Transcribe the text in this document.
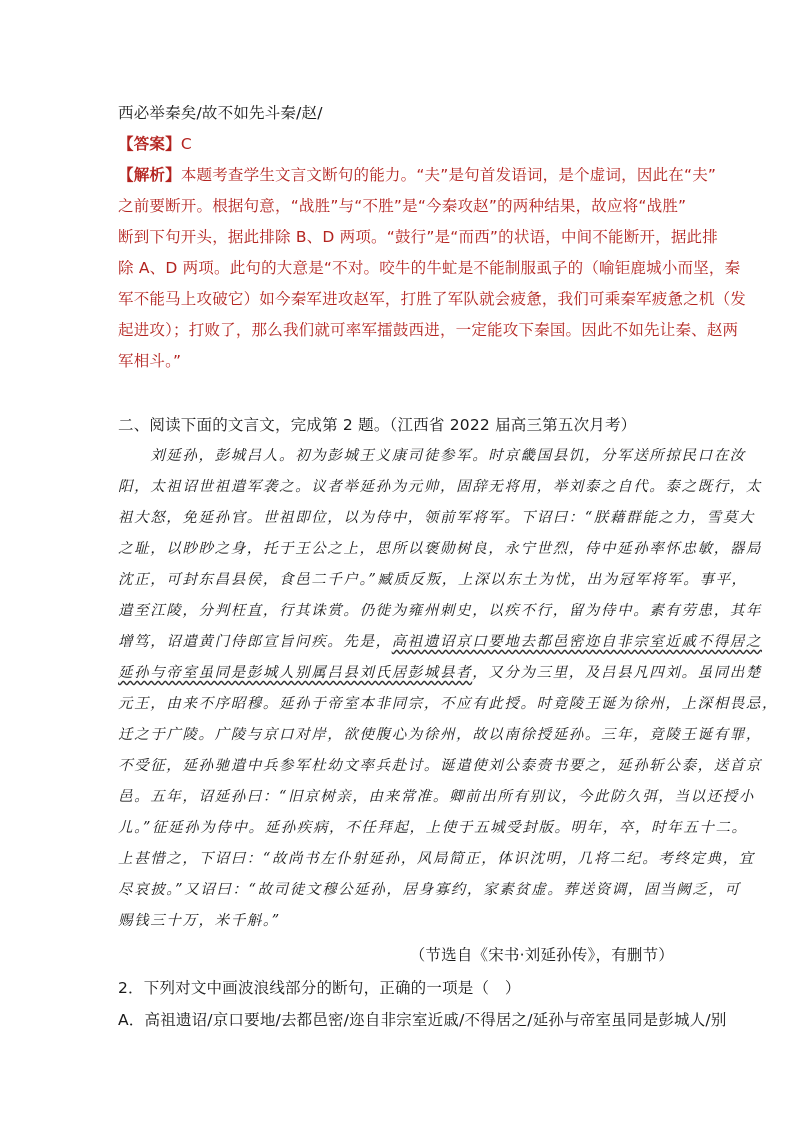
西必举秦矣/故不如先斗秦/赵/
【答案】C
【解析】本题考查学生文言文断句的能力。“夫”是句首发语词，是个虚词，因此在“夫”
之前要断开。根据句意，“战胜”与“不胜”是“今秦攻赵”的两种结果，故应将“战胜”
断到下句开头，据此排除 B、D 两项。“鼓行”是“而西”的状语，中间不能断开，据此排
除 A、D 两项。此句的大意是“不对。咬牛的牛虻是不能制服虱子的（喻钜鹿城小而坚，秦
军不能马上攻破它）如今秦军进攻赵军，打胜了军队就会疲惫，我们可乘秦军疲惫之机（发
起进攻）；打败了，那么我们就可率军擂鼓西进，一定能攻下秦国。因此不如先让秦、赵两
军相斗。”
二、阅读下面的文言文，完成第 2 题。（江西省 2022 届高三第五次月考）
　　刘延孙，彭城吕人。初为彭城王义康司徒参军。时京畿国县饥，分军送所掠民口在汝
阳，太祖诏世祖遣军袭之。议者举延孙为元帅，固辞无将用，举刘泰之自代。泰之既行，太
祖大怒，免延孙官。世祖即位，以为侍中，领前军将军。下诏曰：“朕藉群能之力，雪莫大
之耻，以眇眇之身，托于王公之上，思所以褒勋树良，永宁世烈，侍中延孙率怀忠敏，器局
沈正，可封东昌县侯，食邑二千户。”臧质反叛，上深以东土为忧，出为冠军将军。事平，
遣至江陵，分判枉直，行其诛赏。仍徙为雍州刺史，以疾不行，留为侍中。素有劳患，其年
增笃，诏遣黄门侍郎宣旨问疾。先是，高祖遗诏京口要地去都邑密迩自非宗室近戚不得居之
延孙与帝室虽同是彭城人别属吕县刘氏居彭城县者，又分为三里，及吕县凡四刘。虽同出楚
元王，由来不序昭穆。延孙于帝室本非同宗，不应有此授。时竟陵王诞为徐州，上深相畏忌，
迁之于广陵。广陵与京口对岸，欲使腹心为徐州，故以南徐授延孙。三年，竟陵王诞有罪，
不受征，延孙驰遣中兵参军杜幼文率兵赴讨。诞遣使刘公泰赍书要之，延孙斩公泰，送首京
邑。五年，诏延孙曰：“旧京树亲，由来常准。卿前出所有别议，今此防久弭，当以还授小
儿。”征延孙为侍中。延孙疾病，不任拜起，上使于五城受封版。明年，卒，时年五十二。
上甚惜之，下诏曰：“故尚书左仆射延孙，风局简正，体识沈明，几将二纪。考终定典，宜
尽哀披。”又诏曰：“故司徒文穆公延孙，居身寡约，家素贫虚。葬送资调，固当阙乏，可
赐钱三十万，米千斛。”
（节选自《宋书·刘延孙传》，有删节）
2．下列对文中画波浪线部分的断句，正确的一项是（　）
A．高祖遗诏/京口要地/去都邑密/迩自非宗室近戚/不得居之/延孙与帝室虽同是彭城人/别
